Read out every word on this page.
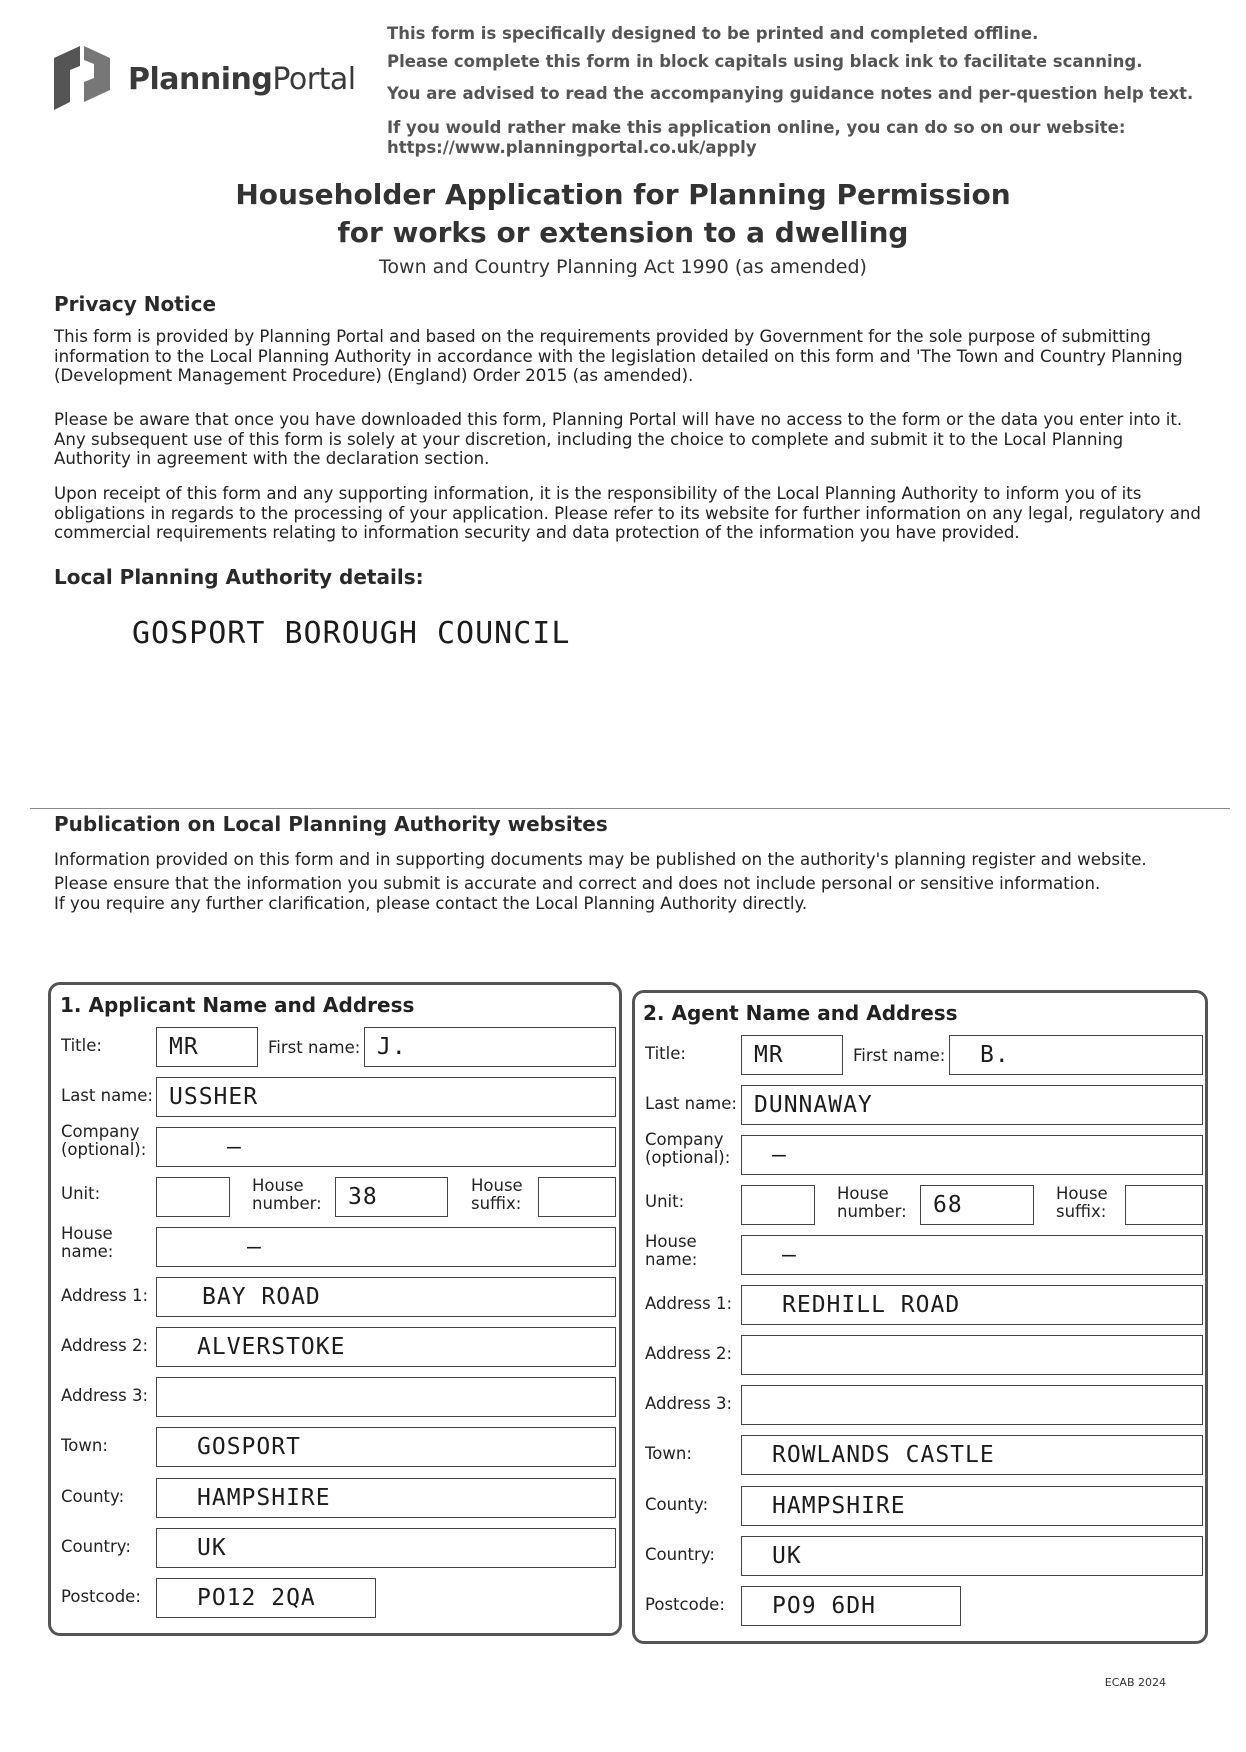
PlanningPortal
This form is specifically designed to be printed and completed offline.
Please complete this form in block capitals using black ink to facilitate scanning.
You are advised to read the accompanying guidance notes and per-question help text.
If you would rather make this application online, you can do so on our website:
https://www.planningportal.co.uk/apply
Householder Application for Planning Permission
for works or extension to a dwelling
Town and Country Planning Act 1990 (as amended)
Privacy Notice
This form is provided by Planning Portal and based on the requirements provided by Government for the sole purpose of submitting information to the Local Planning Authority in accordance with the legislation detailed on this form and 'The Town and Country Planning (Development Management Procedure) (England) Order 2015 (as amended).
Please be aware that once you have downloaded this form, Planning Portal will have no access to the form or the data you enter into it. Any subsequent use of this form is solely at your discretion, including the choice to complete and submit it to the Local Planning Authority in agreement with the declaration section.
Upon receipt of this form and any supporting information, it is the responsibility of the Local Planning Authority to inform you of its obligations in regards to the processing of your application. Please refer to its website for further information on any legal, regulatory and commercial requirements relating to information security and data protection of the information you have provided.
Local Planning Authority details:
GOSPORT BOROUGH COUNCIL
Publication on Local Planning Authority websites
Information provided on this form and in supporting documents may be published on the authority's planning register and website.
Please ensure that the information you submit is accurate and correct and does not include personal or sensitive information.
If you require any further clarification, please contact the Local Planning Authority directly.
1. Applicant Name and Address
Title:	MR	First name: J.
Last name: USSHER
Company (optional):	—
Unit:	House number: 38	House suffix:
House name:	—
Address 1: BAY ROAD
Address 2: ALVERSTOKE
Address 3:
Town:	GOSPORT
County:	HAMPSHIRE
Country:	UK
Postcode: PO12 2QA
2. Agent Name and Address
Title:	MR	First name: B.
Last name: DUNNAWAY
Company (optional): —
Unit:	House number: 68	House suffix:
House name:	—
Address 1: REDHILL ROAD
Address 2:
Address 3:
Town:	ROWLANDS CASTLE
County:	HAMPSHIRE
Country: UK
Postcode: PO9 6DH
ECAB 2024
